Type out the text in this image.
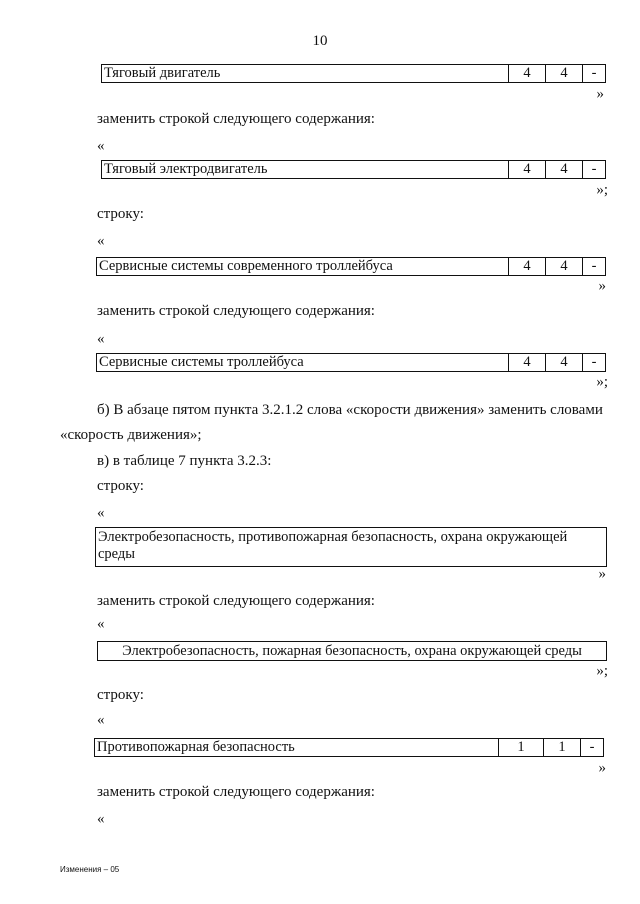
10
Тяговый двигатель	4	4	-
»
заменить строкой следующего содержания:
«
Тяговый электродвигатель	4	4	-
»;
строку:
«
Сервисные системы современного троллейбуса	4	4	-
»
заменить строкой следующего содержания:
«
Сервисные системы троллейбуса	4	4	-
»;
б) В абзаце пятом пункта 3.2.1.2 слова «скорости движения» заменить словами
«скорость движения»;
в) в таблице 7 пункта 3.2.3:
строку:
«
Электробезопасность, противопожарная безопасность, охрана окружающей среды
»
заменить строкой следующего содержания:
«
Электробезопасность, пожарная безопасность, охрана окружающей среды
»;
строку:
«
Противопожарная безопасность	1	1	-
»
заменить строкой следующего содержания:
«
Изменения – 05
